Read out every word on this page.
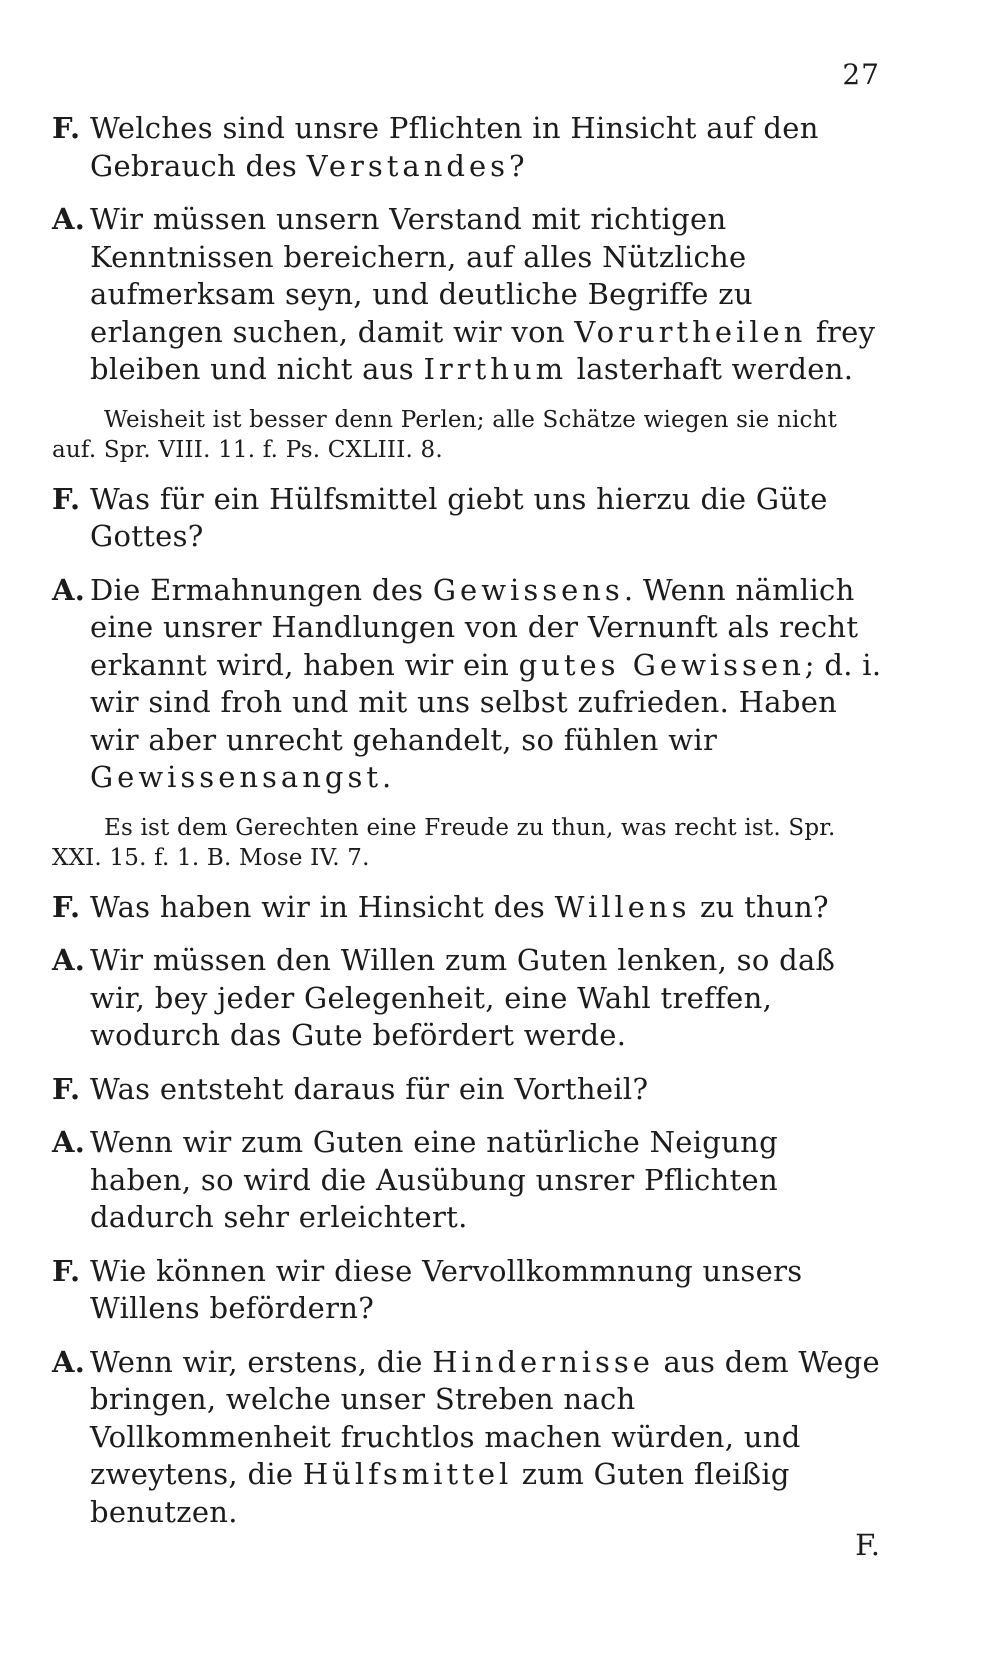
27

F. Welches sind unsre Pflichten in Hinsicht auf den Gebrauch des Verstandes?

A. Wir müssen unsern Verstand mit richtigen Kenntnissen bereichern, auf alles Nützliche aufmerksam seyn, und deutliche Begriffe zu erlangen suchen, damit wir von Vorurtheilen frey bleiben und nicht aus Irrthum lasterhaft werden.

Weisheit ist besser denn Perlen; alle Schätze wiegen sie nicht auf. Spr. VIII. 11. f. Ps. CXLIII. 8.

F. Was für ein Hülfsmittel giebt uns hierzu die Güte Gottes?

A. Die Ermahnungen des Gewissens. Wenn nämlich eine unsrer Handlungen von der Vernunft als recht erkannt wird, haben wir ein gutes Gewissen; d. i. wir sind froh und mit uns selbst zufrieden. Haben wir aber unrecht gehandelt, so fühlen wir Gewissensangst.

Es ist dem Gerechten eine Freude zu thun, was recht ist. Spr. XXI. 15. f. 1. B. Mose IV. 7.

F. Was haben wir in Hinsicht des Willens zu thun?

A. Wir müssen den Willen zum Guten lenken, so daß wir, bey jeder Gelegenheit, eine Wahl treffen, wodurch das Gute befördert werde.

F. Was entsteht daraus für ein Vortheil?

A. Wenn wir zum Guten eine natürliche Neigung haben, so wird die Ausübung unsrer Pflichten dadurch sehr erleichtert.

F. Wie können wir diese Vervollkommnung unsers Willens befördern?

A. Wenn wir, erstens, die Hindernisse aus dem Wege bringen, welche unser Streben nach Vollkommenheit fruchtlos machen würden, und zweytens, die Hülfsmittel zum Guten fleißig benutzen.

F.
